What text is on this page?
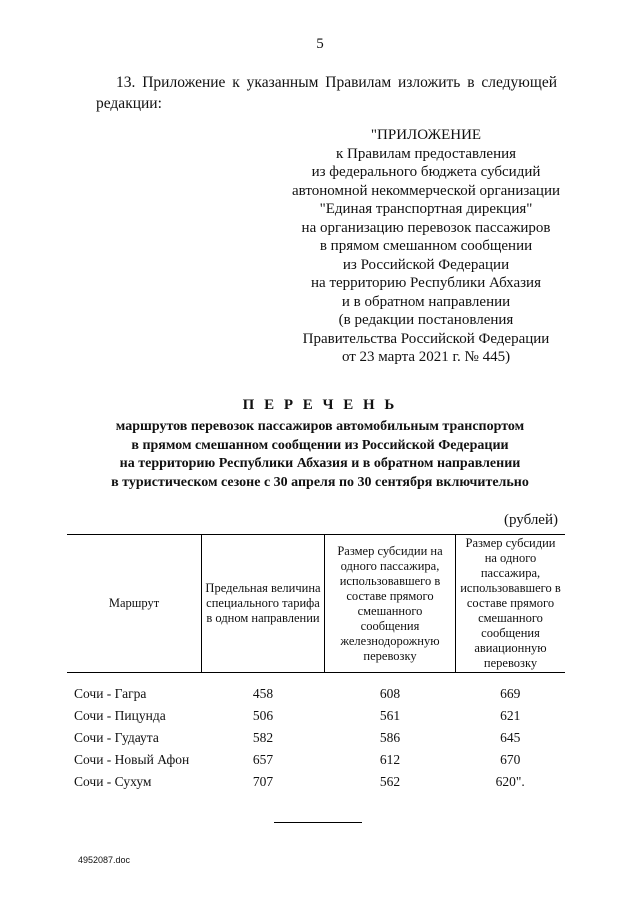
5
13. Приложение к указанным Правилам изложить в следующей редакции:
"ПРИЛОЖЕНИЕ
к Правилам предоставления
из федерального бюджета субсидий
автономной некоммерческой организации
"Единая транспортная дирекция"
на организацию перевозок пассажиров
в прямом смешанном сообщении
из Российской Федерации
на территорию Республики Абхазия
и в обратном направлении
(в редакции постановления
Правительства Российской Федерации
от 23 марта 2021 г. № 445)
П Е Р Е Ч Е Н Ь
маршрутов перевозок пассажиров автомобильным транспортом
в прямом смешанном сообщении из Российской Федерации
на территорию Республики Абхазия и в обратном направлении
в туристическом сезоне с 30 апреля по 30 сентября включительно
(рублей)
Маршрут	Предельная величина специального тарифа в одном направлении	Размер субсидии на одного пассажира, использовавшего в составе прямого смешанного сообщения железнодорожную перевозку	Размер субсидии на одного пассажира, использовавшего в составе прямого смешанного сообщения авиационную перевозку
Сочи - Гагра	458	608	669
Сочи - Пицунда	506	561	621
Сочи - Гудаута	582	586	645
Сочи - Новый Афон	657	612	670
Сочи - Сухум	707	562	620".
4952087.doc
